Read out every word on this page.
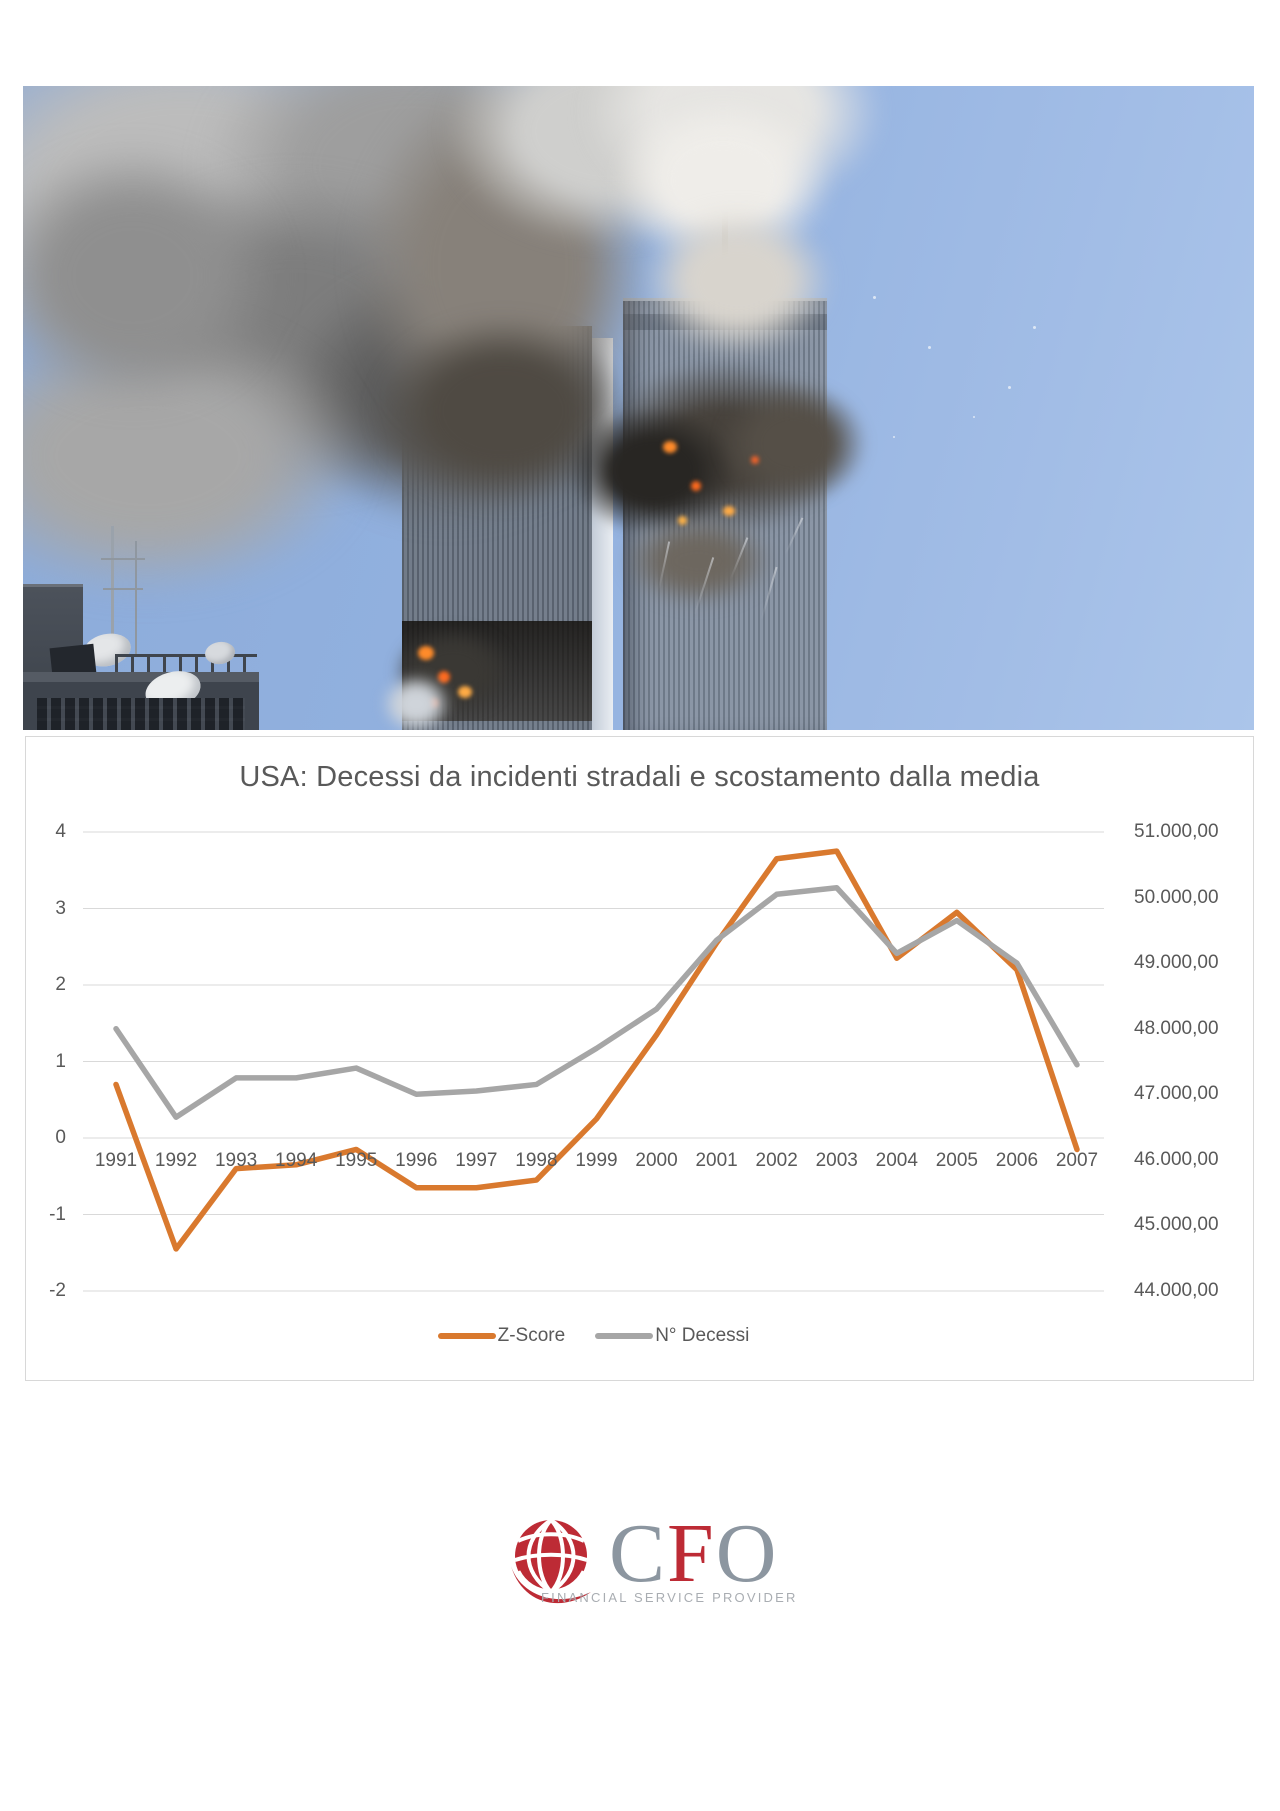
USA: Decessi da incidenti stradali e scostamento dalla media
4
3
2
1
0
-1
-2
51.000,00
50.000,00
49.000,00
48.000,00
47.000,00
46.000,00
45.000,00
44.000,00
1991 1992 1993 1994 1995 1996 1997 1998 1999 2000 2001 2002 2003 2004 2005 2006 2007
Z-Score	N° Decessi
CFO
FINANCIAL SERVICE PROVIDER
